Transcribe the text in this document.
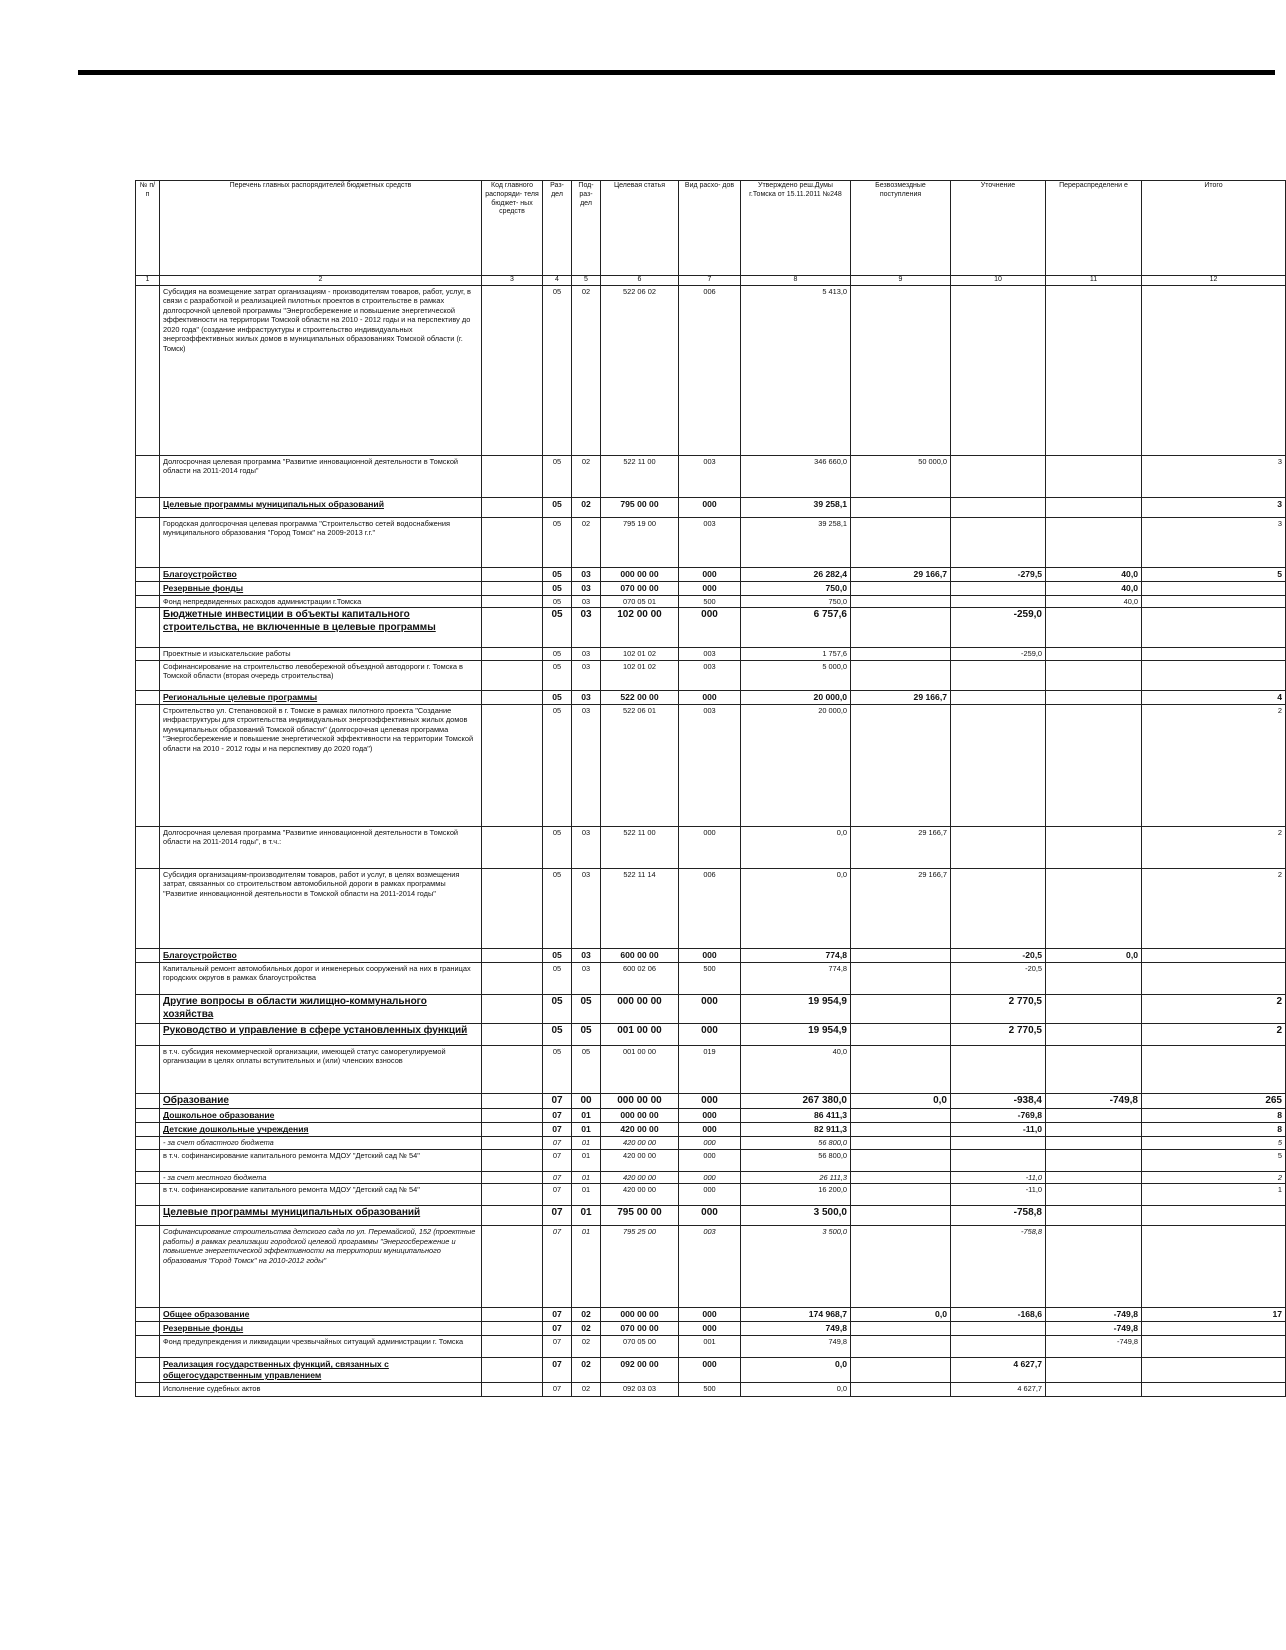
№ п/п	Перечень главных распорядителей бюджетных средств	Код главного распоряди- теля бюджет- ных средств	Раз- дел	Под- раз- дел	Целевая статья	Вид расхо- дов	Утверждено реш.Думы г.Томска от 15.11.2011 №248	Безвозмездные поступления	Уточнение	Перераспределени е	Итого
1	2	3	4	5	6	7	8	9	10	11	12
	Субсидия на возмещение затрат организациям - производителям товаров, работ, услуг, в связи с разработкой и реализацией пилотных проектов в строительстве в рамках долгосрочной целевой программы "Энергосбережение и повышение энергетической эффективности на территории Томской области на 2010 - 2012 годы и на перспективу до 2020 года" (создание инфраструктуры и строительство индивидуальных энергоэффективных жилых домов в муниципальных образованиях Томской области (г. Томск)		05	02	522 06 02	006	5 413,0				
	Долгосрочная целевая программа "Развитие инновационной деятельности в Томской области на 2011-2014 годы"		05	02	522 11 00	003	346 660,0	50 000,0			3
	Целевые программы муниципальных образований		05	02	795 00 00	000	39 258,1				3
	Городская долгосрочная целевая программа "Строительство сетей водоснабжения муниципального образования "Город Томск" на 2009-2013 г.г."		05	02	795 19 00	003	39 258,1				3
	Благоустройство		05	03	000 00 00	000	26 282,4	29 166,7	-279,5	40,0	5
	Резервные фонды		05	03	070 00 00	000	750,0			40,0	
	Фонд непредвиденных расходов администрации г.Томска		05	03	070 05 01	500	750,0			40,0	
	Бюджетные инвестиции в объекты капитального строительства, не включенные в целевые программы		05	03	102 00 00	000	6 757,6		-259,0		
	Проектные и изыскательские работы		05	03	102 01 02	003	1 757,6		-259,0		
	Софинансирование на строительство левобережной объездной автодороги г. Томска в Томской области (вторая очередь строительства)		05	03	102 01 02	003	5 000,0				
	Региональные целевые программы		05	03	522 00 00	000	20 000,0	29 166,7			4
	Строительство ул. Степановской в г. Томске в рамках пилотного проекта "Создание инфраструктуры для строительства индивидуальных энергоэффективных жилых домов муниципальных образований Томской области" (долгосрочная целевая программа "Энергосбережение и повышение энергетической эффективности на территории Томской области на 2010 - 2012 годы и на перспективу до 2020 года")		05	03	522 06 01	003	20 000,0				2
	Долгосрочная целевая программа "Развитие инновационной деятельности в Томской области на 2011-2014 годы", в т.ч.:		05	03	522 11 00	000	0,0	29 166,7			2
	Субсидия организациям-производителям товаров, работ и услуг, в целях возмещения затрат, связанных со строительством автомобильной дороги в рамках программы "Развитие инновационной деятельности в Томской области на 2011-2014 годы"		05	03	522 11 14	006	0,0	29 166,7			2
	Благоустройство		05	03	600 00 00	000	774,8		-20,5	0,0	
	Капитальный ремонт автомобильных дорог и инженерных сооружений на них в границах городских округов в рамках благоустройства		05	03	600 02 06	500	774,8		-20,5		
	Другие вопросы в области жилищно-коммунального хозяйства		05	05	000 00 00	000	19 954,9		2 770,5		2
	Руководство и управление в сфере установленных функций		05	05	001 00 00	000	19 954,9		2 770,5		2
	в т.ч. субсидия некоммерческой организации, имеющей статус саморегулируемой организации в целях оплаты вступительных и (или) членских взносов		05	05	001 00 00	019	40,0				
	Образование		07	00	000 00 00	000	267 380,0	0,0	-938,4	-749,8	265
	Дошкольное образование		07	01	000 00 00	000	86 411,3		-769,8		8
	Детские дошкольные учреждения		07	01	420 00 00	000	82 911,3		-11,0		8
	- за счет областного бюджета		07	01	420 00 00	000	56 800,0				5
	в т.ч. софинансирование капитального ремонта МДОУ "Детский сад № 54"		07	01	420 00 00	000	56 800,0				5
	- за счет местного бюджета		07	01	420 00 00	000	26 111,3		-11,0		2
	в т.ч. софинансирование капитального ремонта МДОУ "Детский сад № 54"		07	01	420 00 00	000	16 200,0		-11,0		1
	Целевые программы муниципальных образований		07	01	795 00 00	000	3 500,0		-758,8		
	Софинансирование строительства детского сада по ул. Перемайской, 152 (проектные работы) в рамках реализации городской целевой программы "Энергосбережение и повышение энергетической эффективности на территории муниципального образования "Город Томск" на 2010-2012 годы"		07	01	795 25 00	003	3 500,0		-758,8		
	Общее образование		07	02	000 00 00	000	174 968,7	0,0	-168,6	-749,8	17
	Резервные фонды		07	02	070 00 00	000	749,8			-749,8	
	Фонд предупреждения и ликвидации чрезвычайных ситуаций администрации г. Томска		07	02	070 05 00	001	749,8			-749,8	
	Реализация государственных функций, связанных с общегосударственным управлением		07	02	092 00 00	000	0,0		4 627,7		
	Исполнение судебных актов		07	02	092 03 03	500	0,0		4 627,7		
